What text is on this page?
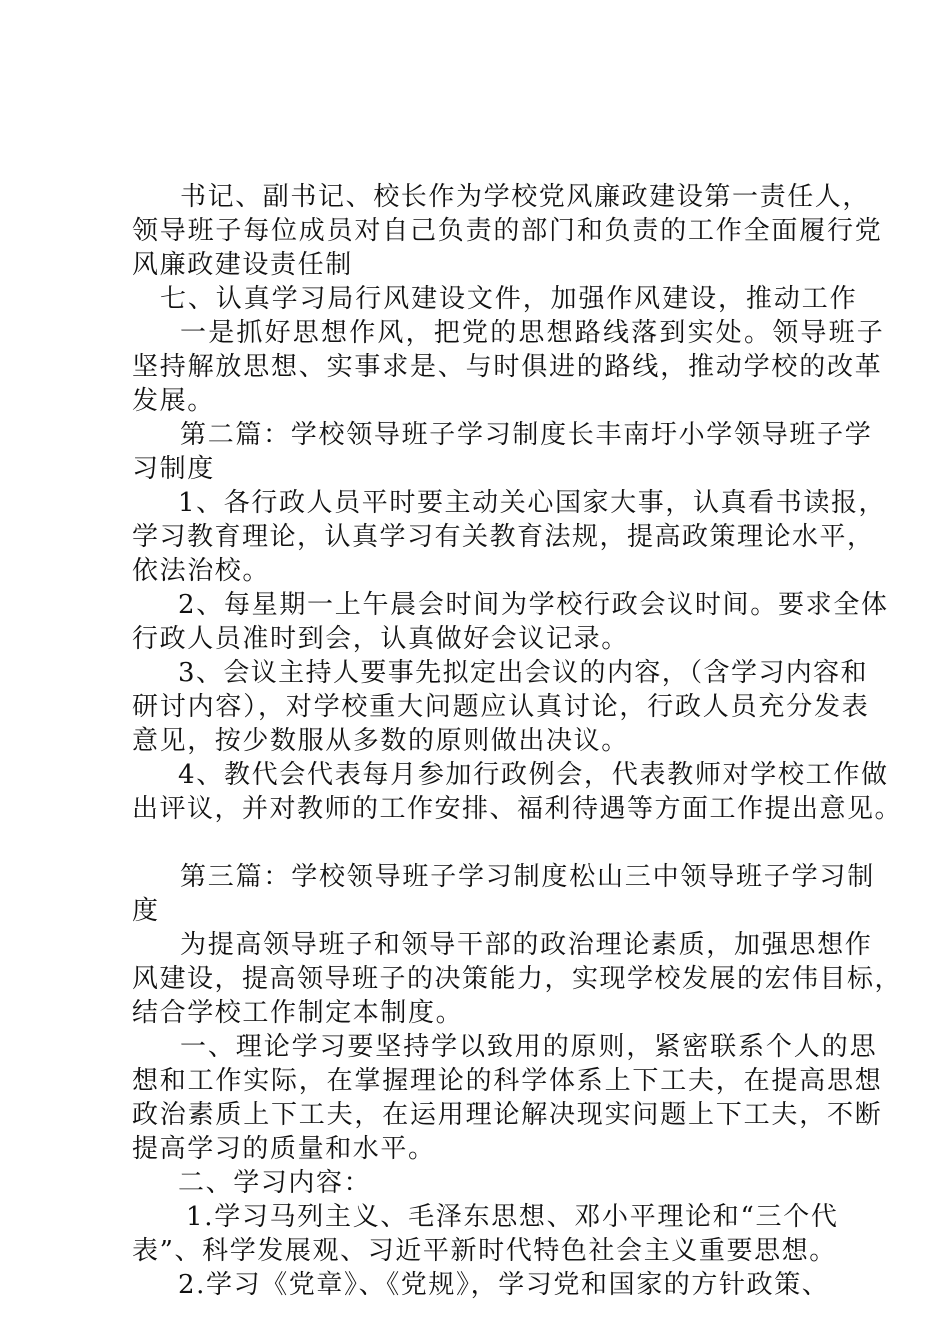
书记、副书记、校长作为学校党风廉政建设第一责任人，
领导班子每位成员对自己负责的部门和负责的工作全面履行党
风廉政建设责任制
七、认真学习局行风建设文件，加强作风建设，推动工作
一是抓好思想作风，把党的思想路线落到实处。领导班子
坚持解放思想、实事求是、与时俱进的路线，推动学校的改革
发展。
第二篇：学校领导班子学习制度长丰南圩小学领导班子学
习制度
1、各行政人员平时要主动关心国家大事，认真看书读报，
学习教育理论，认真学习有关教育法规，提高政策理论水平，
依法治校。
2、每星期一上午晨会时间为学校行政会议时间。要求全体
行政人员准时到会，认真做好会议记录。
3、会议主持人要事先拟定出会议的内容，（含学习内容和
研讨内容），对学校重大问题应认真讨论，行政人员充分发表
意见，按少数服从多数的原则做出决议。
4、教代会代表每月参加行政例会，代表教师对学校工作做
出评议，并对教师的工作安排、福利待遇等方面工作提出意见。
第三篇：学校领导班子学习制度松山三中领导班子学习制
度
为提高领导班子和领导干部的政治理论素质，加强思想作
风建设，提高领导班子的决策能力，实现学校发展的宏伟目标，
结合学校工作制定本制度。
一、理论学习要坚持学以致用的原则，紧密联系个人的思
想和工作实际，在掌握理论的科学体系上下工夫，在提高思想
政治素质上下工夫，在运用理论解决现实问题上下工夫，不断
提高学习的质量和水平。
二、学习内容：
1.学习马列主义、毛泽东思想、邓小平理论和“三个代
表”、科学发展观、习近平新时代特色社会主义重要思想。
2.学习《党章》、《党规》，学习党和国家的方针政策、
